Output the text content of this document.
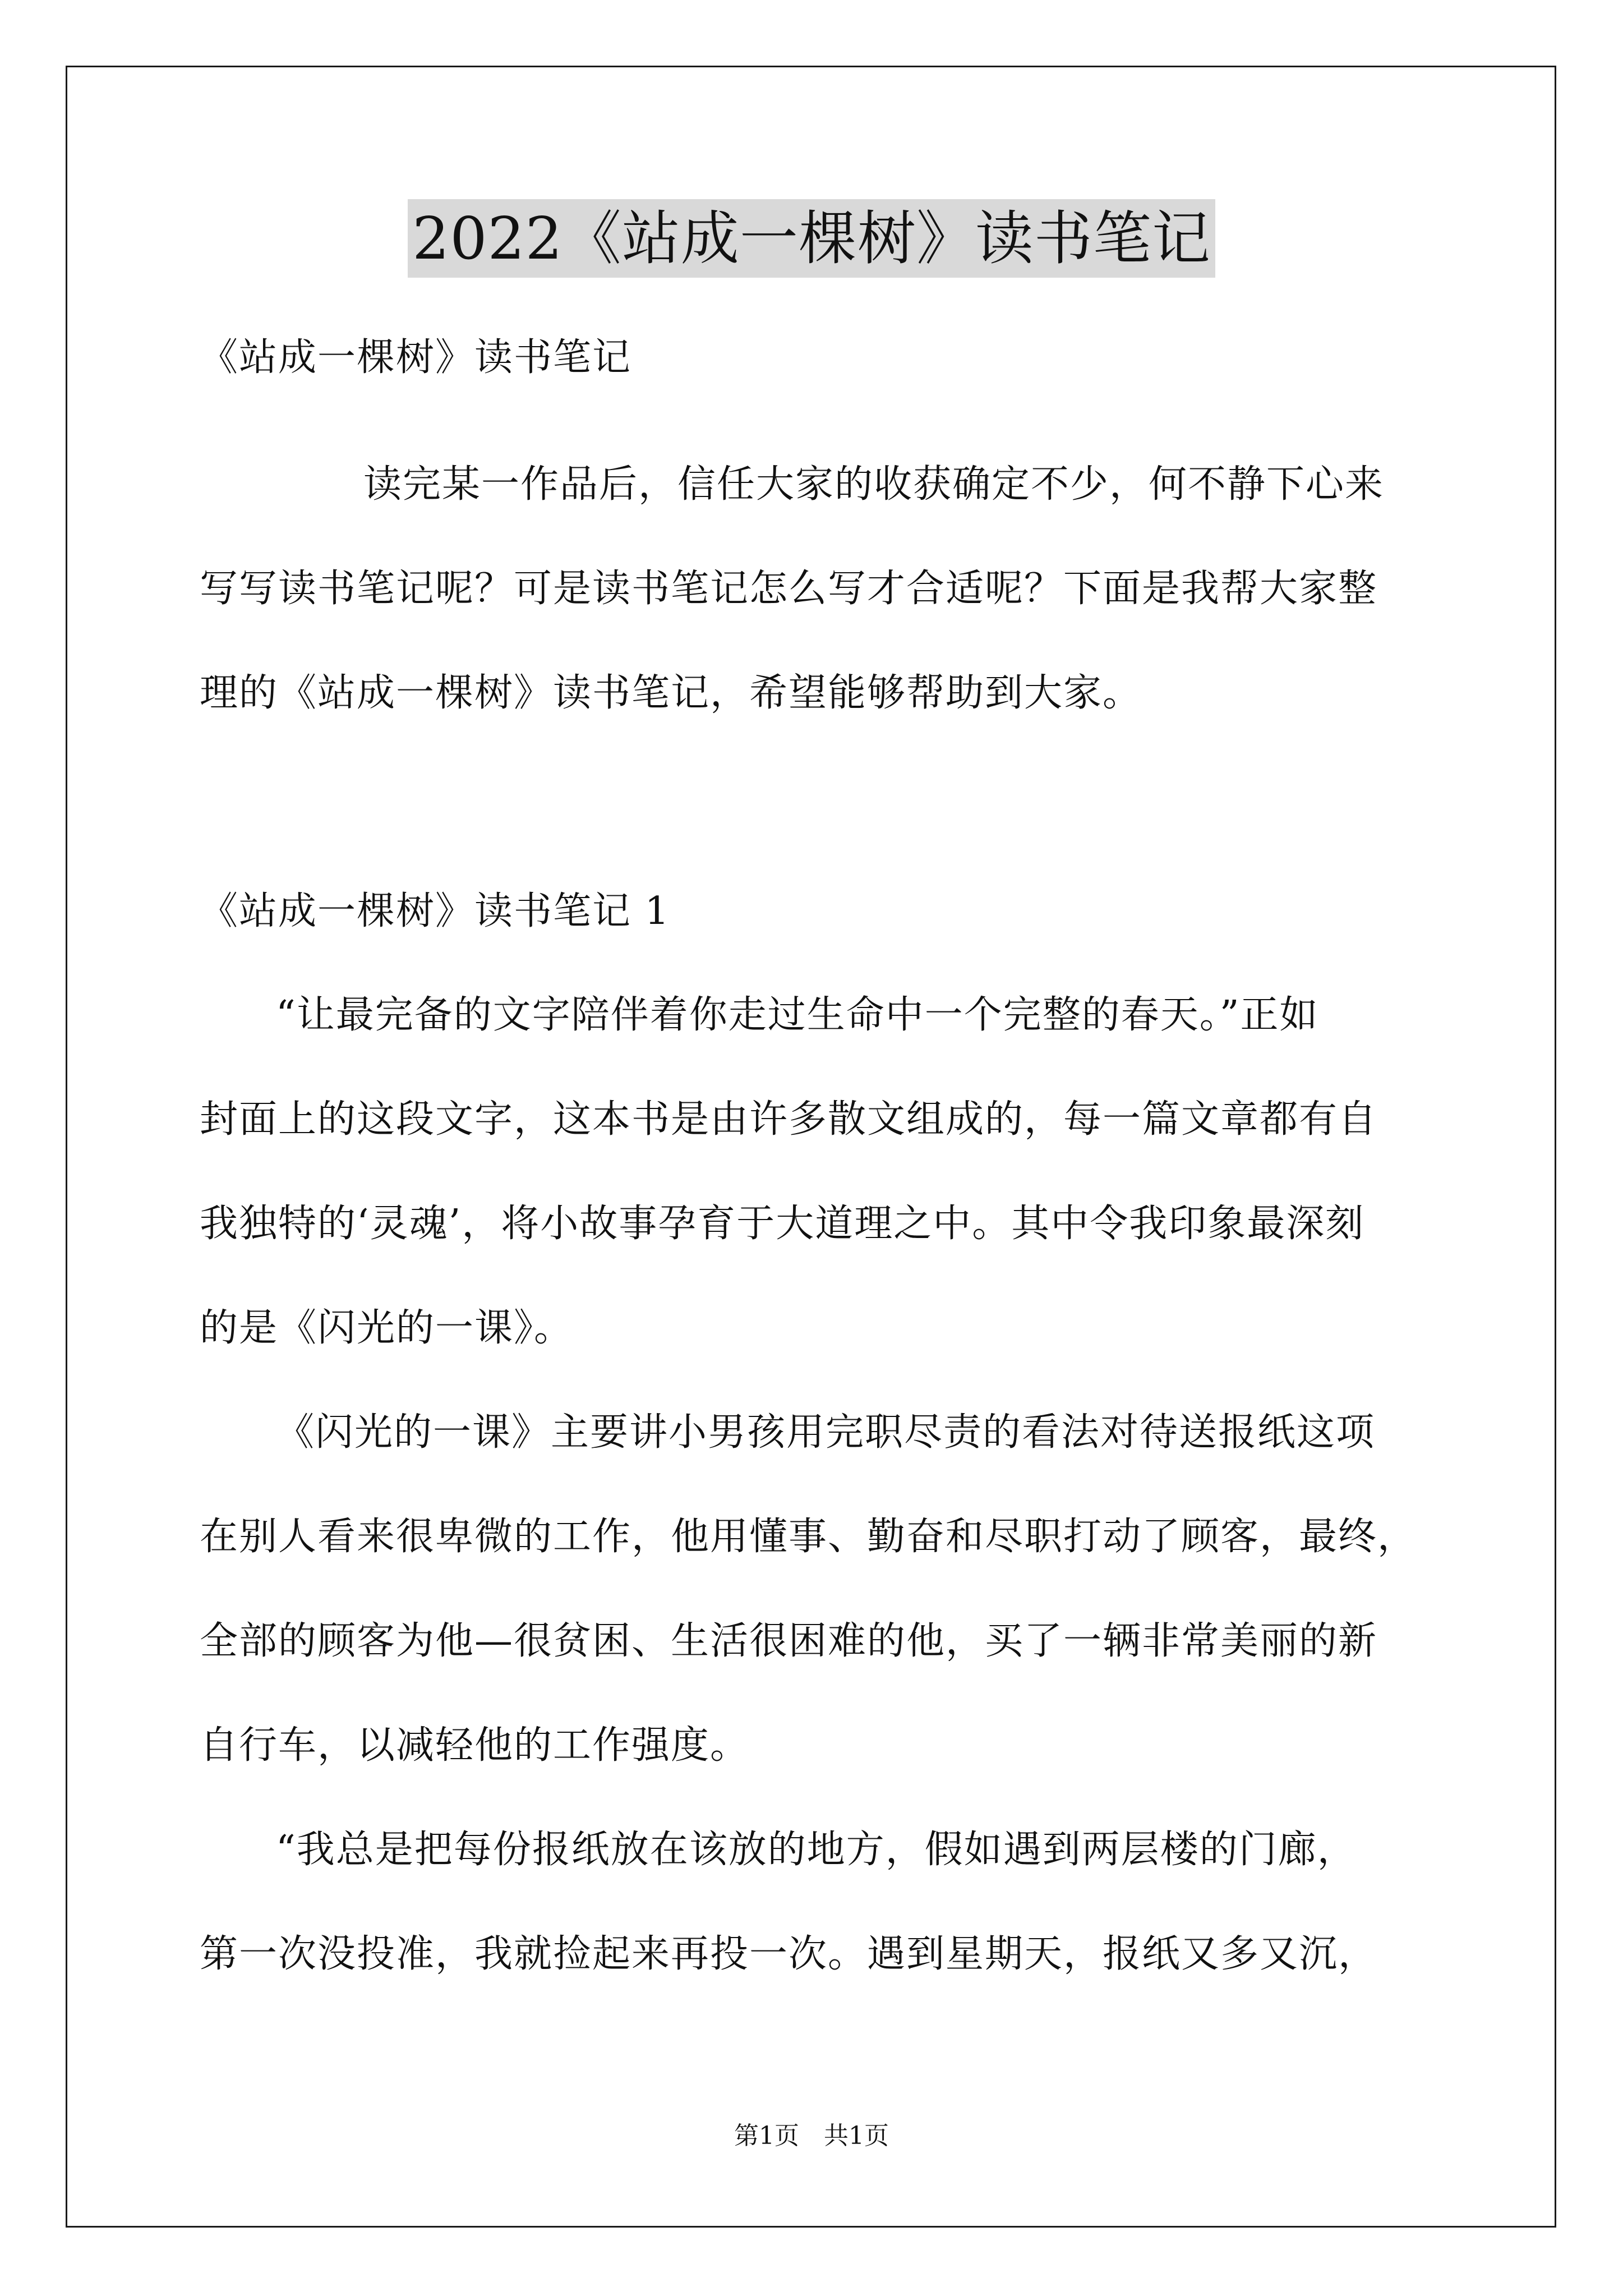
2022《站成一棵树》读书笔记
《站成一棵树》读书笔记
读完某一作品后，信任大家的收获确定不少，何不静下心来
写写读书笔记呢？可是读书笔记怎么写才合适呢？下面是我帮大家整
理的《站成一棵树》读书笔记，希望能够帮助到大家。
《站成一棵树》读书笔记 1
“让最完备的文字陪伴着你走过生命中一个完整的春天。”正如
封面上的这段文字，这本书是由许多散文组成的，每一篇文章都有自
我独特的‘灵魂’，将小故事孕育于大道理之中。其中令我印象最深刻
的是《闪光的一课》。
《闪光的一课》主要讲小男孩用完职尽责的看法对待送报纸这项
在别人看来很卑微的工作，他用懂事、勤奋和尽职打动了顾客，最终，
全部的顾客为他—很贫困、生活很困难的他，买了一辆非常美丽的新
自行车，以减轻他的工作强度。
“我总是把每份报纸放在该放的地方，假如遇到两层楼的门廊，
第一次没投准，我就捡起来再投一次。遇到星期天，报纸又多又沉，
第1页　共1页
